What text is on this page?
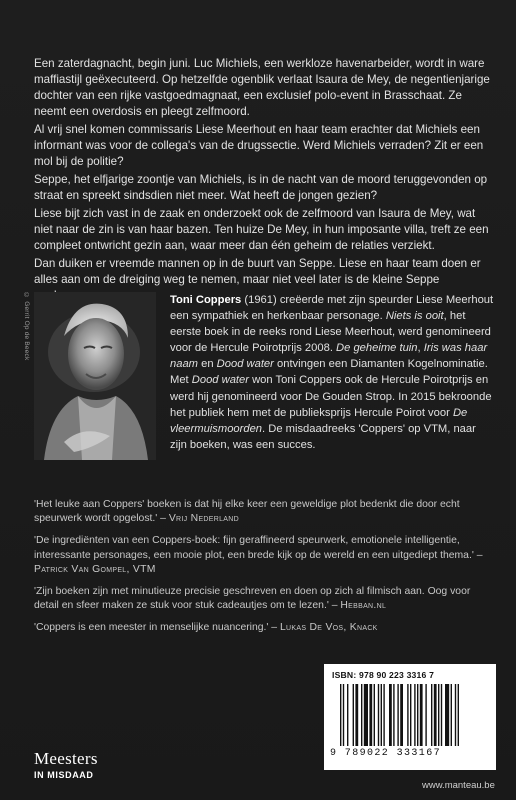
Een zaterdagnacht, begin juni. Luc Michiels, een werkloze havenarbeider, wordt in ware maffiastijl geëxecuteerd. Op hetzelfde ogenblik verlaat Isaura de Mey, de negentienjarige dochter van een rijke vastgoedmagnaat, een exclusief polo-event in Brasschaat. Ze neemt een overdosis en pleegt zelfmoord.

Al vrij snel komen commissaris Liese Meerhout en haar team erachter dat Michiels een informant was voor de collega's van de drugssectie. Werd Michiels verraden? Zit er een mol bij de politie?

Seppe, het elfjarige zoontje van Michiels, is in de nacht van de moord teruggevonden op straat en spreekt sindsdien niet meer. Wat heeft de jongen gezien?

Liese bijt zich vast in de zaak en onderzoekt ook de zelfmoord van Isaura de Mey, wat niet naar de zin is van haar bazen. Ten huize De Mey, in hun imposante villa, treft ze een compleet ontwricht gezin aan, waar meer dan één geheim de relaties verziekt.

Dan duiken er vreemde mannen op in de buurt van Seppe. Liese en haar team doen er alles aan om de dreiging weg te nemen, maar niet veel later is de kleine Seppe

© Gerrit Op de Beeck	Toni Coppers (1961) creëerde met zijn speurder Liese Meerhout een sympathiek en herkenbaar personage. Niets is ooit, het eerste boek in de reeks rond Liese Meerhout, werd genomineerd voor de Hercule Poirotprijs 2008. De geheime tuin, Iris was haar naam en Dood water ontvingen een Diamanten Kogelnominatie. Met Dood water won Toni Coppers ook de Hercule Poirotprijs en werd hij genomineerd voor De Gouden Strop. In 2015 bekroonde het publiek hem met de publieksprijs Hercule Poirot voor De vleermuismoorden. De misdaadreeks 'Coppers' op VTM, naar zijn boeken, was een succes.
'Het leuke aan Coppers' boeken is dat hij elke keer een geweldige plot bedenkt die door echt speurwerk wordt opgelost.' – Vrij Nederland
'De ingrediënten van een Coppers-boek: fijn geraffineerd speurwerk, emotionele intelligentie, interessante personages, een mooie plot, een brede kijk op de wereld en een uitgediept thema.' – Patrick Van Gompel, VTM
'Zijn boeken zijn met minutieuze precisie geschreven en doen op zich al filmisch aan. Oog voor detail en sfeer maken ze stuk voor stuk cadeautjes om te lezen.' – Hebban.nl
'Coppers is een meester in menselijke nuancering.' – Lukas De Vos, Knack
ISBN: 978 90 223 3316 7
9 789022 333167
Meesters
IN MISDAAD
www.manteau.be
